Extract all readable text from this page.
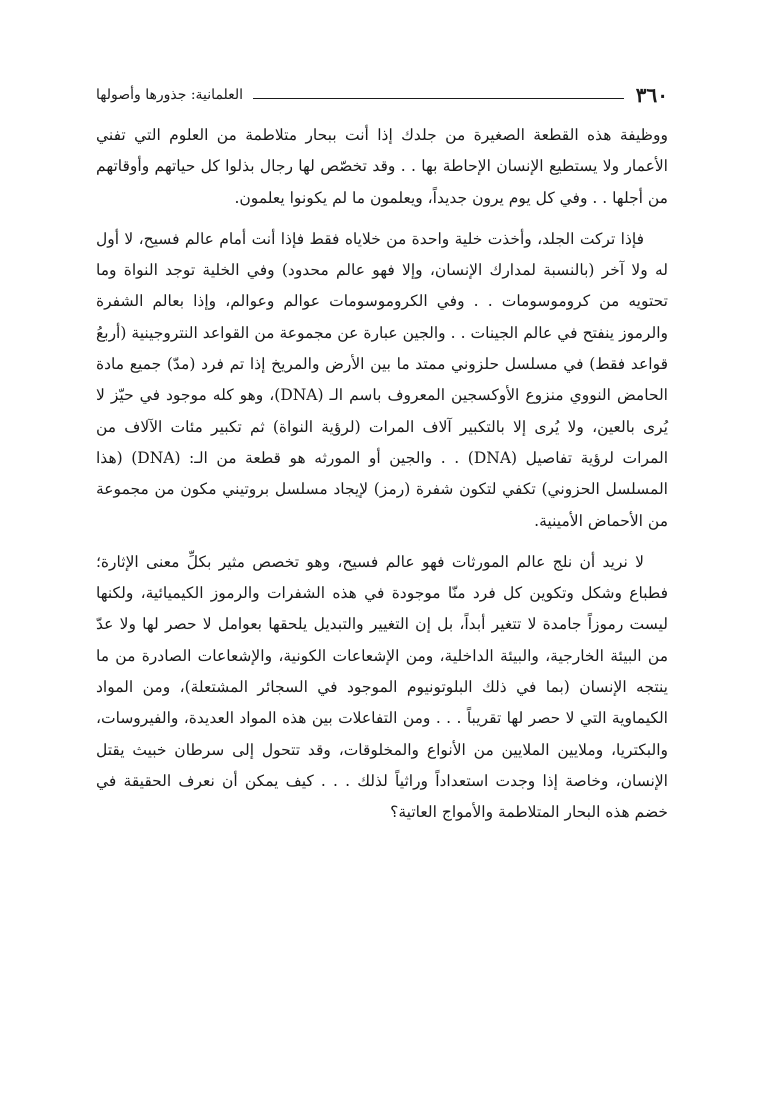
٣٦٠
العلمانية: جذورها وأصولها

ووظيفة هذه القطعة الصغيرة من جلدك إذا أنت ببحار متلاطمة من العلوم التي تفني الأعمار ولا يستطيع الإنسان الإحاطة بها . . وقد تخصّص لها رجال بذلوا كل حياتهم وأوقاتهم من أجلها . . وفي كل يوم يرون جديداً، ويعلمون ما لم يكونوا يعلمون.

فإذا تركت الجلد، وأخذت خلية واحدة من خلاياه فقط فإذا أنت أمام عالم فسيح، لا أول له ولا آخر (بالنسبة لمدارك الإنسان، وإلا فهو عالم محدود) وفي الخلية توجد النواة وما تحتويه من كروموسومات . . وفي الكروموسومات عوالم وعوالم، وإذا بعالم الشفرة والرموز ينفتح في عالم الجينات . . والجين عبارة عن مجموعة من القواعد النتروجينية (أربعُ قواعد فقط) في مسلسل حلزوني ممتد ما بين الأرض والمريخ إذا تم فرد (مدّ) جميع مادة الحامض النووي منزوع الأوكسجين المعروف باسم الـ (DNA)، وهو كله موجود في حيّز لا يُرى بالعين، ولا يُرى إلا بالتكبير آلاف المرات (لرؤية النواة) ثم تكبير مئات الآلاف من المرات لرؤية تفاصيل (DNA) . . والجين أو المورثه هو قطعة من الـ: (DNA) (هذا المسلسل الحزوني) تكفي لتكون شفرة (رمز) لإيجاد مسلسل بروتيني مكون من مجموعة من الأحماض الأمينية.

لا نريد أن نلج عالم المورثات فهو عالم فسيح، وهو تخصص مثير بكلِّ معنى الإثارة؛ فطباع وشكل وتكوين كل فرد منّا موجودة في هذه الشفرات والرموز الكيميائية، ولكنها ليست رموزاً جامدة لا تتغير أبداً، بل إن التغيير والتبديل يلحقها بعوامل لا حصر لها ولا عدّ من البيئة الخارجية، والبيئة الداخلية، ومن الإشعاعات الكونية، والإشعاعات الصادرة من ما ينتجه الإنسان (بما في ذلك البلوتونيوم الموجود في السجائر المشتعلة)، ومن المواد الكيماوية التي لا حصر لها تقريباً . . . ومن التفاعلات بين هذه المواد العديدة، والفيروسات، والبكتريا، وملايين الملايين من الأنواع والمخلوقات، وقد تتحول إلى سرطان خبيث يقتل الإنسان، وخاصة إذا وجدت استعداداً وراثياً لذلك . . . كيف يمكن أن نعرف الحقيقة في خضم هذه البحار المتلاطمة والأمواج العاتية؟
